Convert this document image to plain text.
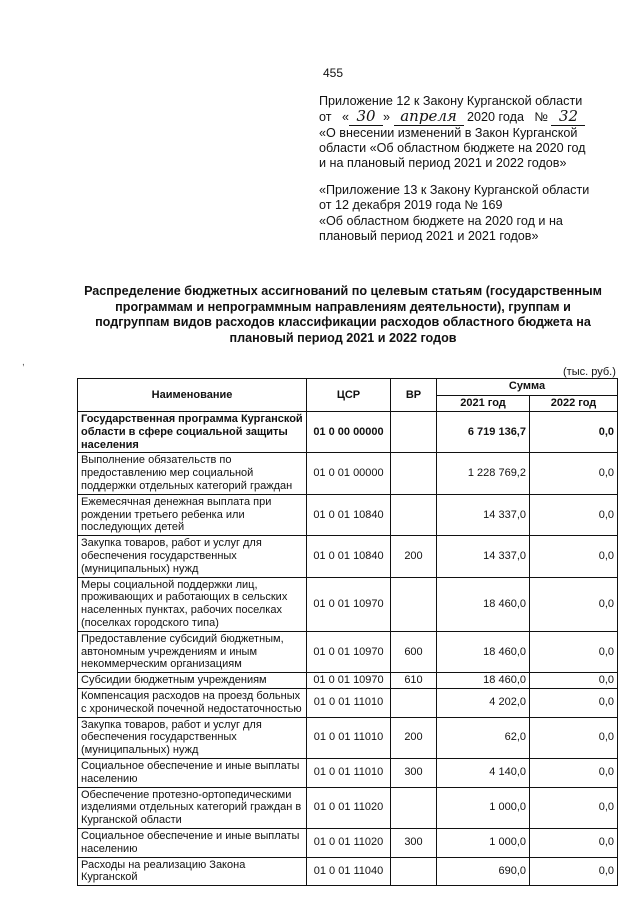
455
Приложение 12 к Закону Курганской области
от « 30 » апреля 2020 года № 32
«О внесении изменений в Закон Курганской
области «Об областном бюджете на 2020 год
и на плановый период 2021 и 2022 годов»
«Приложение 13 к Закону Курганской области
от 12 декабря 2019 года № 169
«Об областном бюджете на 2020 год и на
плановый период 2021 и 2021 годов»
Распределение бюджетных ассигнований по целевым статьям (государственным
программам и непрограммным направлениям деятельности), группам и
подгруппам видов расходов классификации расходов областного бюджета на
плановый период 2021 и 2022 годов
,
(тыс. руб.)
Наименование	ЦСР	ВР	Сумма	
			2021 год	2022 год
Государственная программа Курганской области в сфере социальной защиты населения	01 0 00 00000		6 719 136,7	0,0
Выполнение обязательств по предоставлению мер социальной поддержки отдельных категорий граждан	01 0 01 00000		1 228 769,2	0,0
Ежемесячная денежная выплата при рождении третьего ребенка или последующих детей	01 0 01 10840		14 337,0	0,0
Закупка товаров, работ и услуг для обеспечения государственных (муниципальных) нужд	01 0 01 10840	200	14 337,0	0,0
Меры социальной поддержки лиц, проживающих и работающих в сельских населенных пунктах, рабочих поселках (поселках городского типа)	01 0 01 10970		18 460,0	0,0
Предоставление субсидий бюджетным, автономным учреждениям и иным некоммерческим организациям	01 0 01 10970	600	18 460,0	0,0
Субсидии бюджетным учреждениям	01 0 01 10970	610	18 460,0	0,0
Компенсация расходов на проезд больных с хронической почечной недостаточностью	01 0 01 11010		4 202,0	0,0
Закупка товаров, работ и услуг для обеспечения государственных (муниципальных) нужд	01 0 01 11010	200	62,0	0,0
Социальное обеспечение и иные выплаты населению	01 0 01 11010	300	4 140,0	0,0
Обеспечение протезно-ортопедическими изделиями отдельных категорий граждан в Курганской области	01 0 01 11020		1 000,0	0,0
Социальное обеспечение и иные выплаты населению	01 0 01 11020	300	1 000,0	0,0
Расходы на реализацию Закона Курганской	01 0 01 11040		690,0	0,0
